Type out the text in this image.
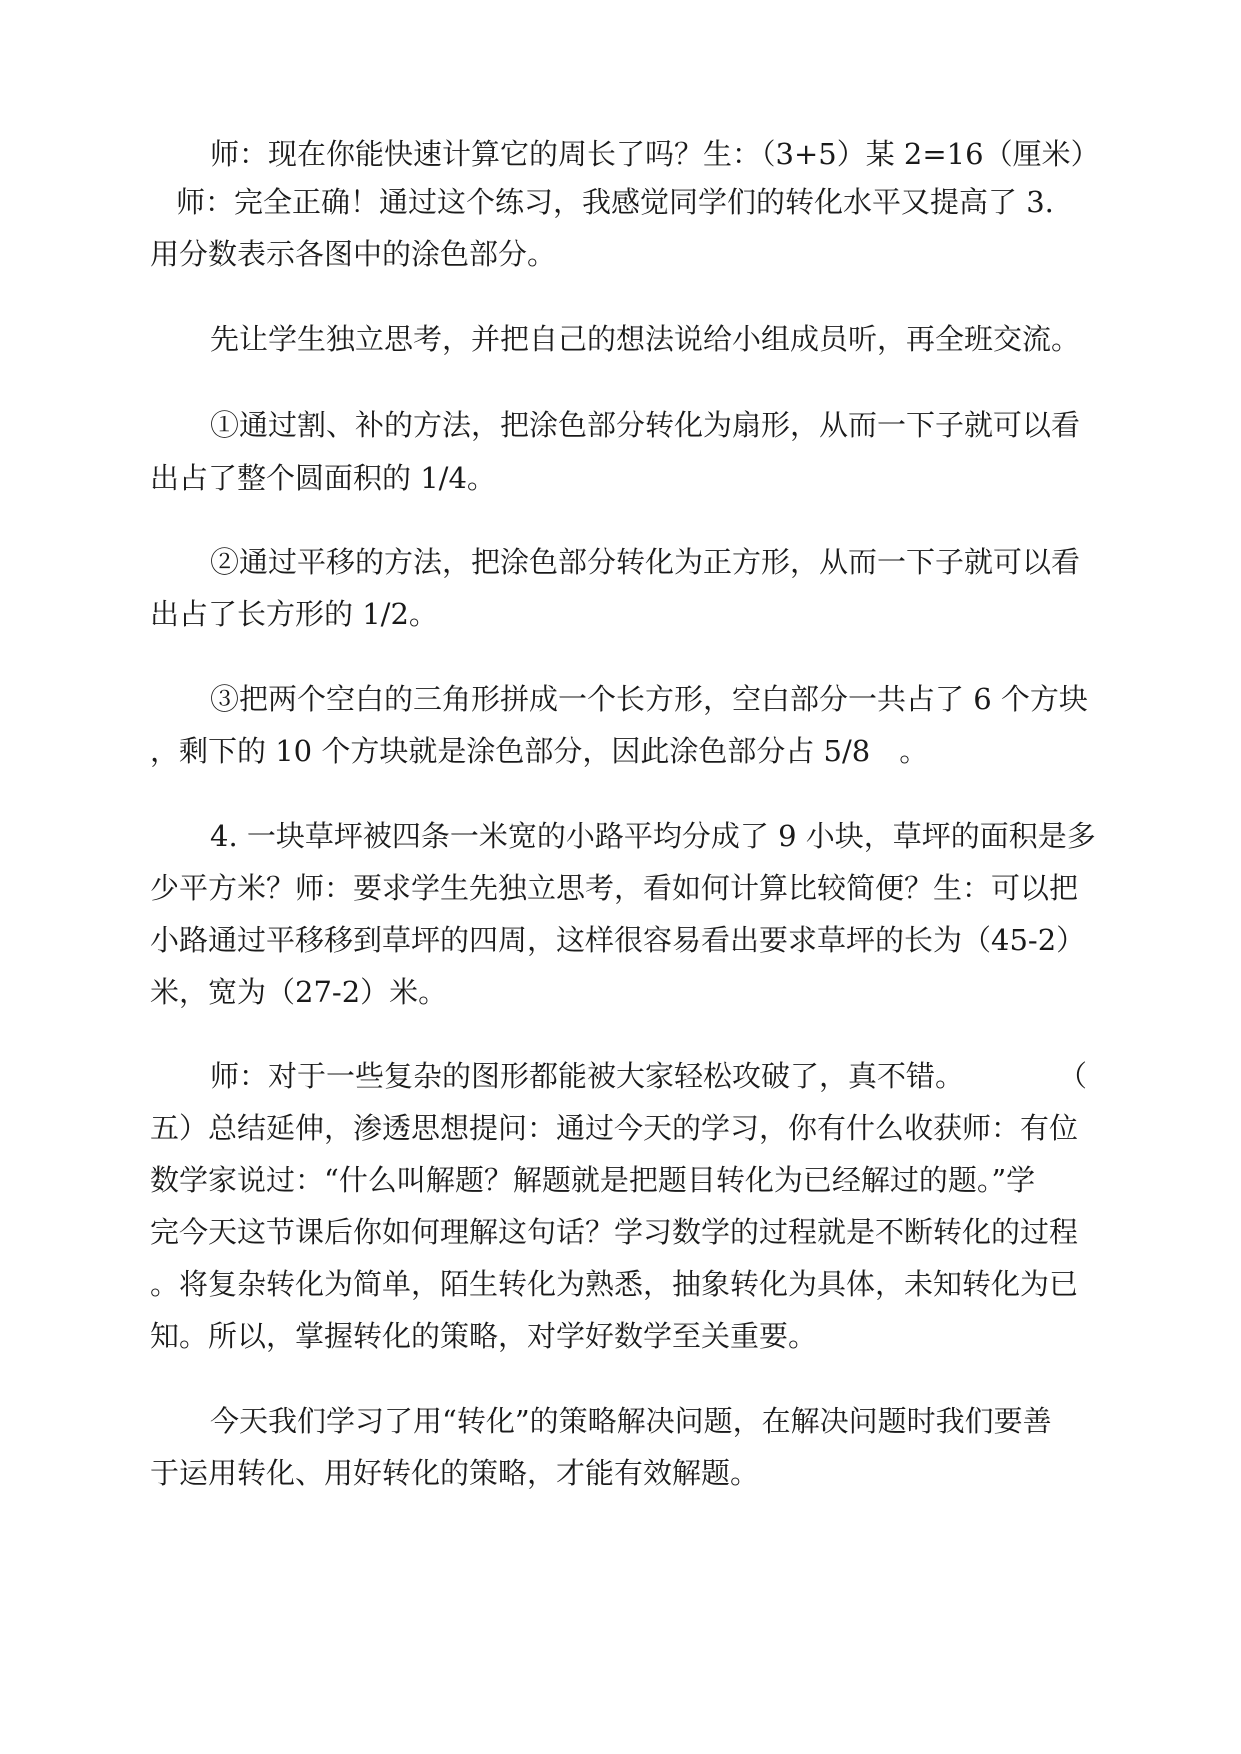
师：现在你能快速计算它的周长了吗？生：（3+5）某 2=16（厘米）
师：完全正确！通过这个练习，我感觉同学们的转化水平又提高了 3.
用分数表示各图中的涂色部分。
先让学生独立思考，并把自己的想法说给小组成员听，再全班交流。
①通过割、补的方法，把涂色部分转化为扇形，从而一下子就可以看
出占了整个圆面积的 1/4。
②通过平移的方法，把涂色部分转化为正方形，从而一下子就可以看
出占了长方形的 1/2。
③把两个空白的三角形拼成一个长方形，空白部分一共占了 6 个方块
，剩下的 10 个方块就是涂色部分，因此涂色部分占 5/8　。
4. 一块草坪被四条一米宽的小路平均分成了 9 小块，草坪的面积是多
少平方米？师：要求学生先独立思考，看如何计算比较简便？生：可以把
小路通过平移移到草坪的四周，这样很容易看出要求草坪的长为（45-2）
米，宽为（27-2）米。
师：对于一些复杂的图形都能被大家轻松攻破了，真不错。	（
五）总结延伸，渗透思想提问：通过今天的学习，你有什么收获师：有位
数学家说过：“什么叫解题？解题就是把题目转化为已经解过的题。”学
完今天这节课后你如何理解这句话？学习数学的过程就是不断转化的过程
。将复杂转化为简单，陌生转化为熟悉，抽象转化为具体，未知转化为已
知。所以，掌握转化的策略，对学好数学至关重要。
今天我们学习了用“转化”的策略解决问题，在解决问题时我们要善
于运用转化、用好转化的策略，才能有效解题。
